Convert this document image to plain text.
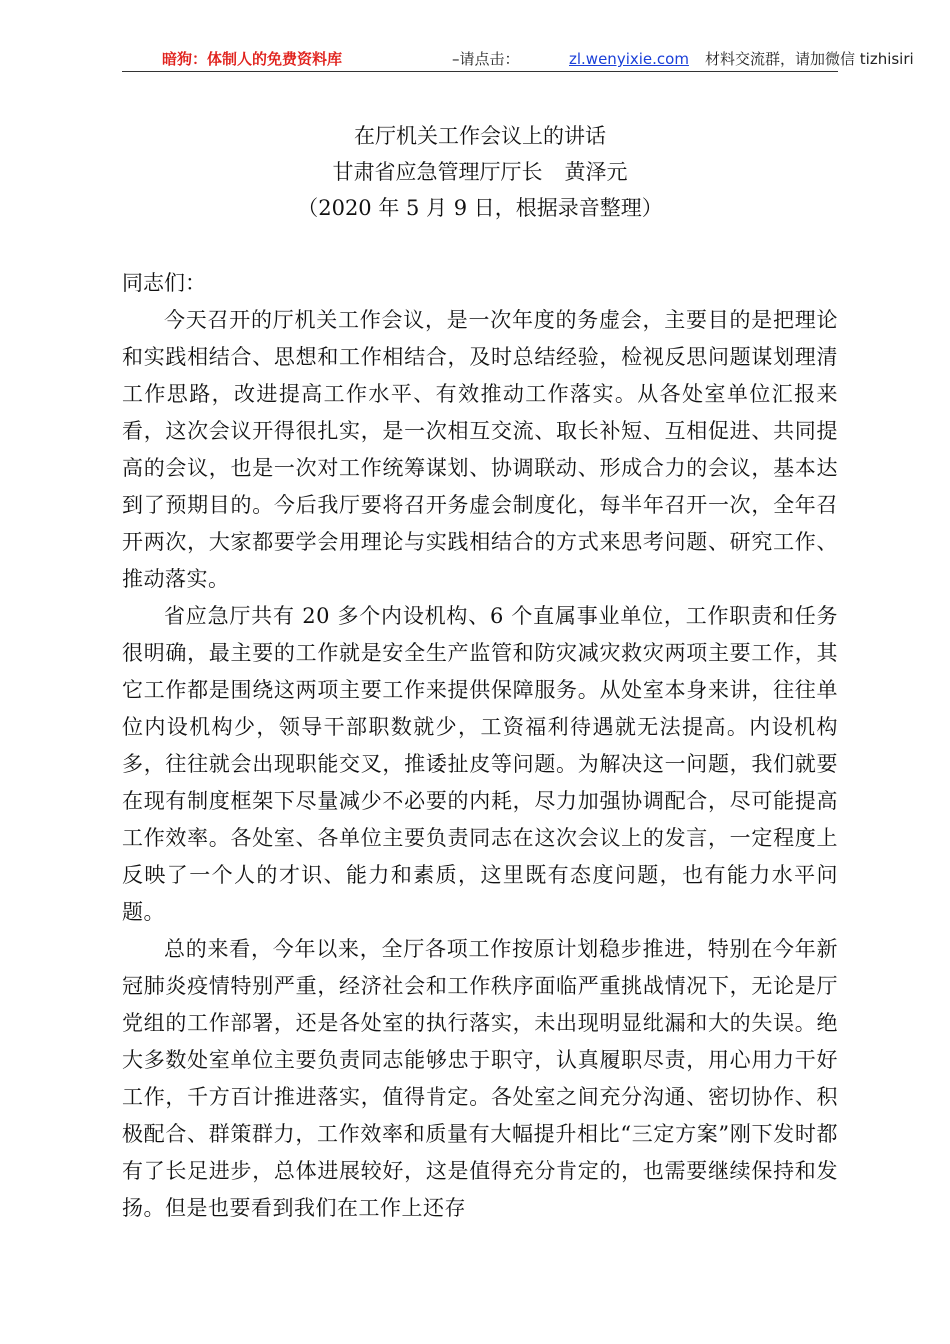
暗狗：体制人的免费资料库	–请点击：	zl.wenyixie.com 材料交流群，请加微信 tizhisiri
在厅机关工作会议上的讲话
甘肃省应急管理厅厅长 黄泽元
（2020 年 5 月 9 日，根据录音整理）
同志们：

今天召开的厅机关工作会议，是一次年度的务虚会，主要目的是把理论和实践相结合、思想和工作相结合，及时总结经验，检视反思问题谋划理清工作思路，改进提高工作水平、有效推动工作落实。从各处室单位汇报来看，这次会议开得很扎实，是一次相互交流、取长补短、互相促进、共同提高的会议，也是一次对工作统筹谋划、协调联动、形成合力的会议，基本达到了预期目的。今后我厅要将召开务虚会制度化，每半年召开一次，全年召开两次，大家都要学会用理论与实践相结合的方式来思考问题、研究工作、推动落实。

省应急厅共有 20 多个内设机构、6 个直属事业单位，工作职责和任务很明确，最主要的工作就是安全生产监管和防灾减灾救灾两项主要工作，其它工作都是围绕这两项主要工作来提供保障服务。从处室本身来讲，往往单位内设机构少，领导干部职数就少，工资福利待遇就无法提高。内设机构多，往往就会出现职能交叉，推诿扯皮等问题。为解决这一问题，我们就要在现有制度框架下尽量减少不必要的内耗，尽力加强协调配合，尽可能提高工作效率。各处室、各单位主要负责同志在这次会议上的发言，一定程度上反映了一个人的才识、能力和素质，这里既有态度问题，也有能力水平问题。

总的来看，今年以来，全厅各项工作按原计划稳步推进，特别在今年新冠肺炎疫情特别严重，经济社会和工作秩序面临严重挑战情况下，无论是厅党组的工作部署，还是各处室的执行落实，未出现明显纰漏和大的失误。绝大多数处室单位主要负责同志能够忠于职守，认真履职尽责，用心用力干好工作，千方百计推进落实，值得肯定。各处室之间充分沟通、密切协作、积极配合、群策群力，工作效率和质量有大幅提升相比“三定方案”刚下发时都有了长足进步，总体进展较好，这是值得充分肯定的，也需要继续保持和发扬。但是也要看到我们在工作上还存
